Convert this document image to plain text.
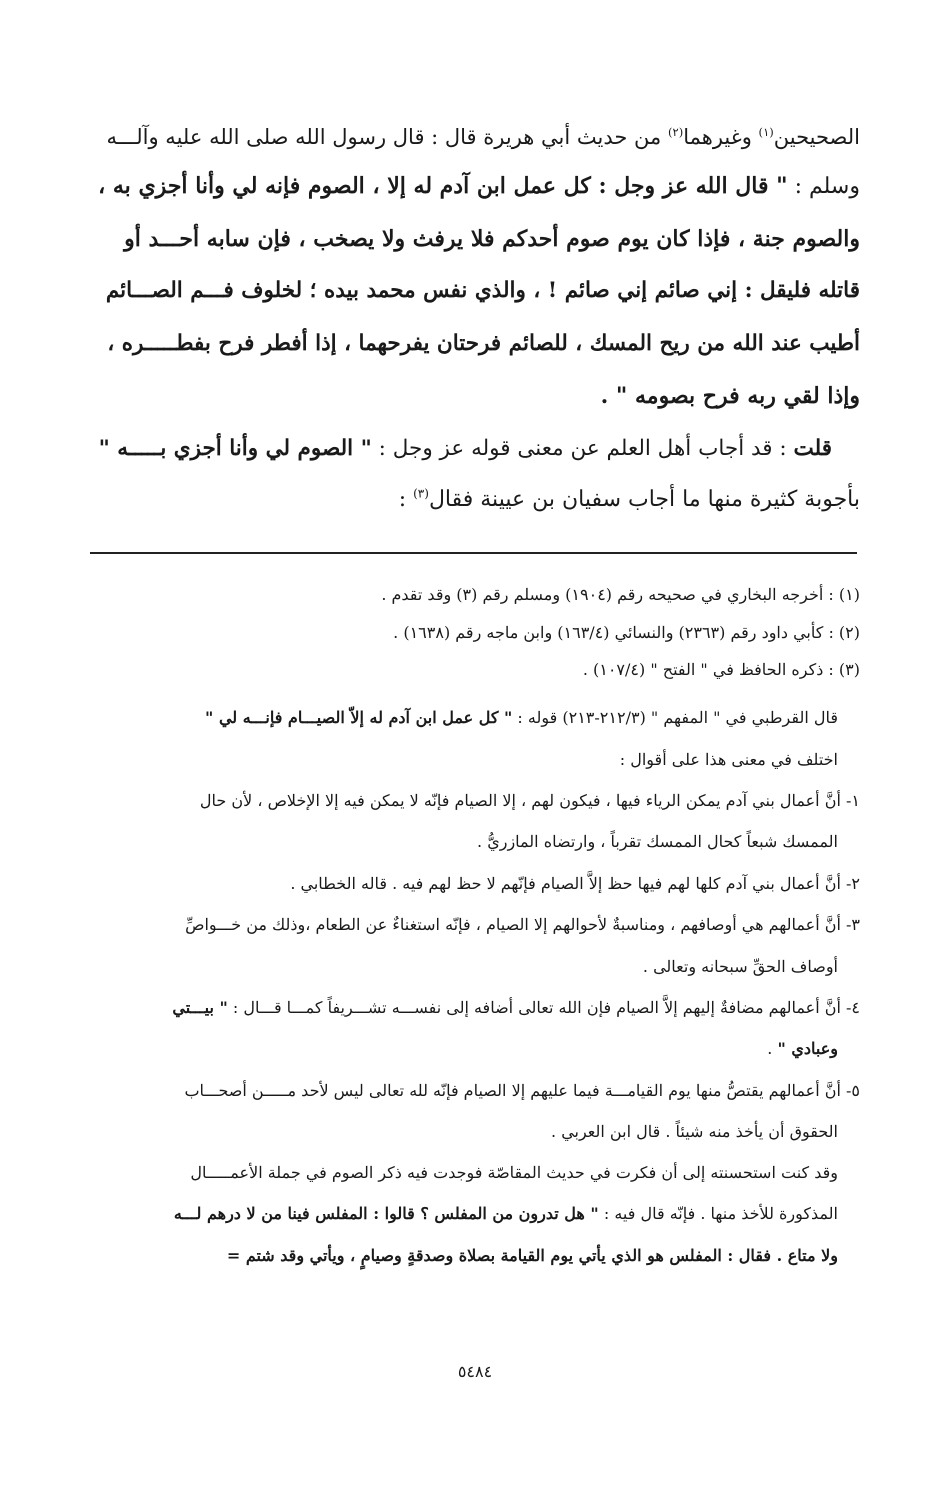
الصحيحين$^{(١)}$ وغيرهما$^{(٢)}$ من حديث أبي هريرة قال : قال رسول الله صلى الله عليه وآلـــه
وسلم : " قال الله عز وجل : كل عمل ابن آدم له إلا ، الصوم فإنه لي وأنا أجزي به ،
والصوم جنة ، فإذا كان يوم صوم أحدكم فلا يرفث ولا يصخب ، فإن سابه أحـــد أو
قاتله فليقل : إني صائم إني صائم ! ، والذي نفس محمد بيده ؛ لخلوف فـــم الصـــائم
أطيب عند الله من ريح المسك ، للصائم فرحتان يفرحهما ، إذا أفطر فرح بفطـــــره ،
وإذا لقي ربه فرح بصومه " .
قلت : قد أجاب أهل العلم عن معنى قوله عز وجل : " الصوم لي وأنا أجزي بـــــه "
بأجوبة كثيرة منها ما أجاب سفيان بن عيينة فقال$^{(٣)}$ :
(١) : أخرجه البخاري في صحيحه رقم (١٩٠٤) ومسلم رقم (٣) وقد تقدم .
(٢) : كأبي داود رقم (٢٣٦٣) والنسائي (١٦٣/٤) وابن ماجه رقم (١٦٣٨) .
(٣) : ذكره الحافظ في " الفتح " (١٠٧/٤) .
قال القرطبي في " المفهم " (٢١٢/٣-٢١٣) قوله : " كل عمل ابن آدم له إلاّ الصيـــام فإنـــه لي "
اختلف في معنى هذا على أقوال :
١- أنَّ أعمال بني آدم يمكن الرياء فيها ، فيكون لهم ، إلا الصيام فإنّه لا يمكن فيه إلا الإخلاص ، لأن حال
الممسك شبعاً كحال الممسك تقرباً ، وارتضاه المازريُّ .
٢- أنَّ أعمال بني آدم كلها لهم فيها حظ إلاَّ الصيام فإنّهم لا حظ لهم فيه . قاله الخطابي .
٣- أنَّ أعمالهم هي أوصافهم ، ومناسبةٌ لأحوالهم إلا الصيام ، فإنّه استغناءٌ عن الطعام ،وذلك من خـــواصِّ
أوصاف الحقِّ سبحانه وتعالى .
٤- أنَّ أعمالهم مضافةٌ إليهم إلاَّ الصيام فإن الله تعالى أضافه إلى نفســـه تشـــريفاً كمـــا قـــال : " بيـــتي
وعبادي " .
٥- أنَّ أعمالهم يقتصُّ منها يوم القيامـــة فيما عليهم إلا الصيام فإنّه لله تعالى ليس لأحد مـــــن أصحـــاب
الحقوق أن يأخذ منه شيئاً . قال ابن العربي .
وقد كنت استحسنته إلى أن فكرت في حديث المقاصّة فوجدت فيه ذكر الصوم في جملة الأعمـــــال
المذكورة للأخذ منها . فإنّه قال فيه : " هل تدرون من المفلس ؟ قالوا : المفلس فينا من لا درهم لـــه
ولا متاع . فقال : المفلس هو الذي يأتي يوم القيامة بصلاة وصدقةٍ وصيامٍ ، ويأتي وقد شتم =
٥٤٨٤
